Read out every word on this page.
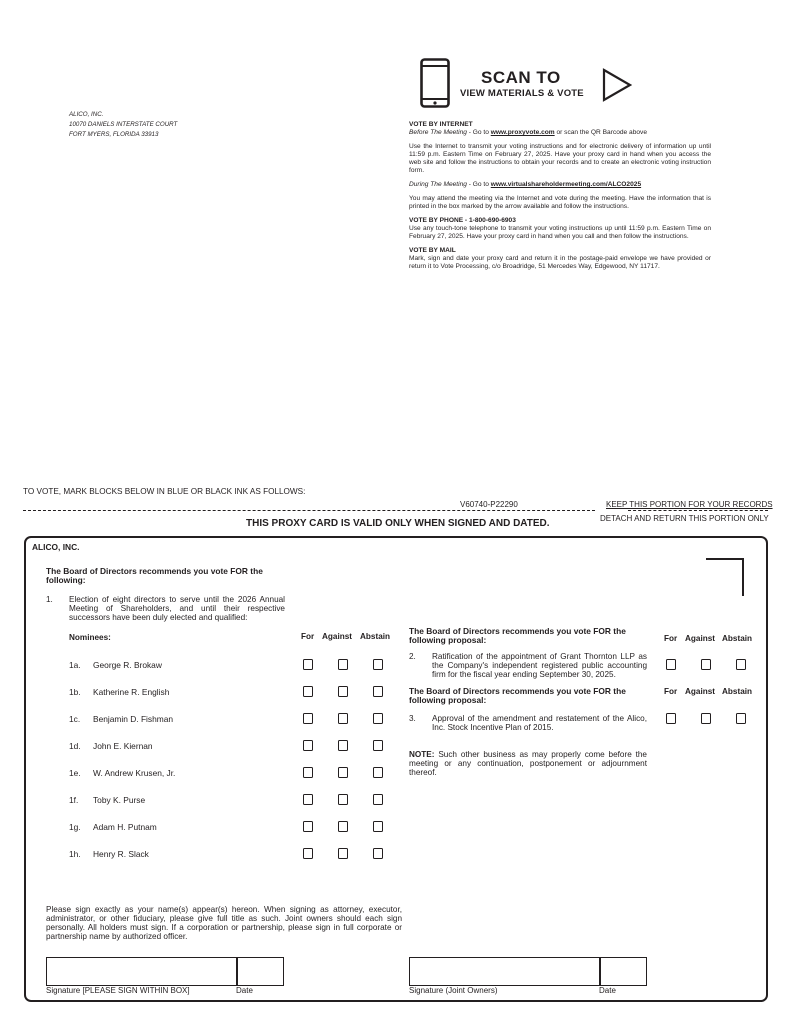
ALICO, INC.
10070 DANIELS INTERSTATE COURT
FORT MYERS, FLORIDA 33913
SCAN TO
VIEW MATERIALS & VOTE

VOTE BY INTERNET

Before The Meeting - Go to www.proxyvote.com or scan the QR Barcode above

Use the Internet to transmit your voting instructions and for electronic delivery of information up until 11:59 p.m. Eastern Time on February 27, 2025. Have your proxy card in hand when you access the web site and follow the instructions to obtain your records and to create an electronic voting instruction form.

During The Meeting - Go to www.virtualshareholdermeeting.com/ALCO2025

You may attend the meeting via the Internet and vote during the meeting. Have the information that is printed in the box marked by the arrow available and follow the instructions.

VOTE BY PHONE - 1-800-690-6903

Use any touch-tone telephone to transmit your voting instructions up until 11:59 p.m. Eastern Time on February 27, 2025. Have your proxy card in hand when you call and then follow the instructions.

VOTE BY MAIL

Mark, sign and date your proxy card and return it in the postage-paid envelope we have provided or return it to Vote Processing, c/o Broadridge, 51 Mercedes Way, Edgewood, NY 11717.

TO VOTE, MARK BLOCKS BELOW IN BLUE OR BLACK INK AS FOLLOWS:
V60740-P22290	KEEP THIS PORTION FOR YOUR RECORDS
DETACH AND RETURN THIS PORTION ONLY
THIS PROXY CARD IS VALID ONLY WHEN SIGNED AND DATED.
ALICO, INC.
The Board of Directors recommends you vote FOR the following:
1. Election of eight directors to serve until the 2026 Annual Meeting of Shareholders, and until their respective successors have been duly elected and qualified:
Nominees:	For Against Abstain
1a. George R. Brokaw
1b. Katherine R. English
1c. Benjamin D. Fishman
1d. John E. Kiernan
1e. W. Andrew Krusen, Jr.
1f. Toby K. Purse
1g. Adam H. Putnam
1h. Henry R. Slack
The Board of Directors recommends you vote FOR the following proposal:	For Against Abstain
2. Ratification of the appointment of Grant Thornton LLP as the Company's independent registered public accounting firm for the fiscal year ending September 30, 2025.
The Board of Directors recommends you vote FOR the following proposal:
For Against Abstain
3. Approval of the amendment and restatement of the Alico, Inc. Stock Incentive Plan of 2015.
NOTE: Such other business as may properly come before the meeting or any continuation, postponement or adjournment thereof.
Please sign exactly as your name(s) appear(s) hereon. When signing as attorney, executor, administrator, or other fiduciary, please give full title as such. Joint owners should each sign personally. All holders must sign. If a corporation or partnership, please sign in full corporate or partnership name by authorized officer.
Signature [PLEASE SIGN WITHIN BOX]	Date	Signature (Joint Owners)	Date
